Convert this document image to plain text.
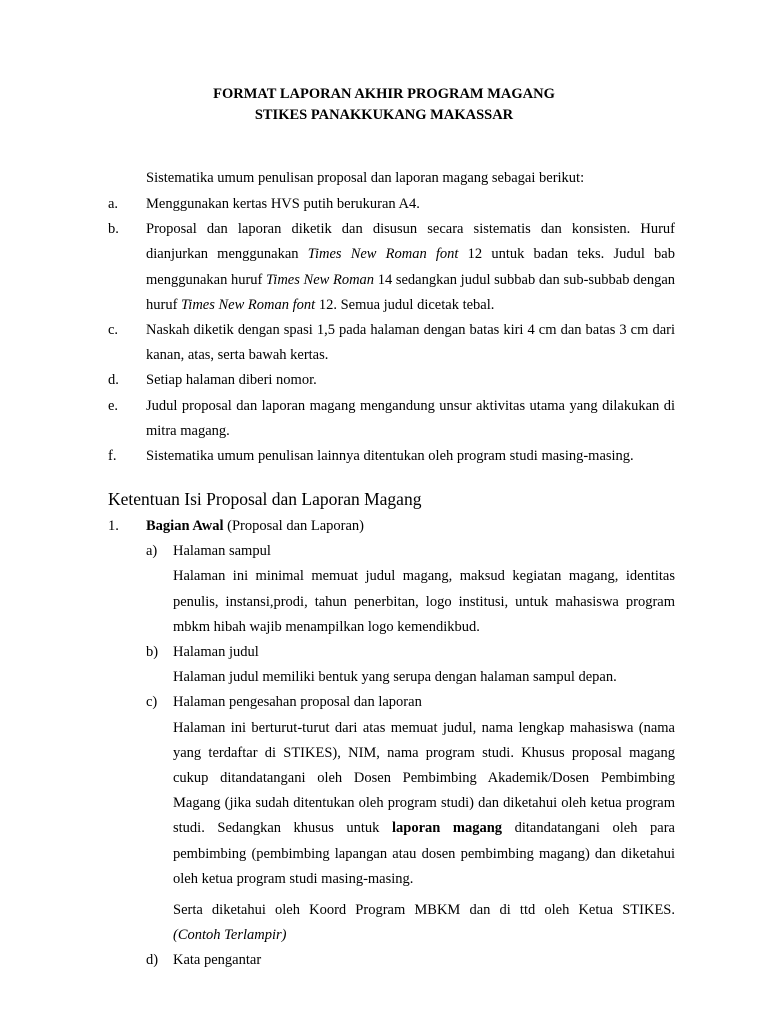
FORMAT LAPORAN AKHIR PROGRAM MAGANG
STIKES PANAKKUKANG MAKASSAR
Sistematika umum penulisan proposal dan laporan magang sebagai berikut:
a. Menggunakan kertas HVS putih berukuran A4.
b. Proposal dan laporan diketik dan disusun secara sistematis dan konsisten. Huruf dianjurkan menggunakan Times New Roman font 12 untuk badan teks. Judul bab menggunakan huruf Times New Roman 14 sedangkan judul subbab dan sub-subbab dengan huruf Times New Roman font 12. Semua judul dicetak tebal.
c. Naskah diketik dengan spasi 1,5 pada halaman dengan batas kiri 4 cm dan batas 3 cm dari kanan, atas, serta bawah kertas.
d. Setiap halaman diberi nomor.
e. Judul proposal dan laporan magang mengandung unsur aktivitas utama yang dilakukan di mitra magang.
f. Sistematika umum penulisan lainnya ditentukan oleh program studi masing-masing.
Ketentuan Isi Proposal dan Laporan Magang
1. Bagian Awal (Proposal dan Laporan)
a) Halaman sampul
Halaman ini minimal memuat judul magang, maksud kegiatan magang, identitas penulis, instansi,prodi, tahun penerbitan, logo institusi, untuk mahasiswa program mbkm hibah wajib menampilkan logo kemendikbud.
b) Halaman judul
Halaman judul memiliki bentuk yang serupa dengan halaman sampul depan.
c) Halaman pengesahan proposal dan laporan
Halaman ini berturut-turut dari atas memuat judul, nama lengkap mahasiswa (nama yang terdaftar di STIKES), NIM, nama program studi. Khusus proposal magang cukup ditandatangani oleh Dosen Pembimbing Akademik/Dosen Pembimbing Magang (jika sudah ditentukan oleh program studi) dan diketahui oleh ketua program studi. Sedangkan khusus untuk laporan magang ditandatangani oleh para pembimbing (pembimbing lapangan atau dosen pembimbing magang) dan diketahui oleh ketua program studi masing-masing.
Serta diketahui oleh Koord Program MBKM dan di ttd oleh Ketua STIKES.
(Contoh Terlampir)
d) Kata pengantar
